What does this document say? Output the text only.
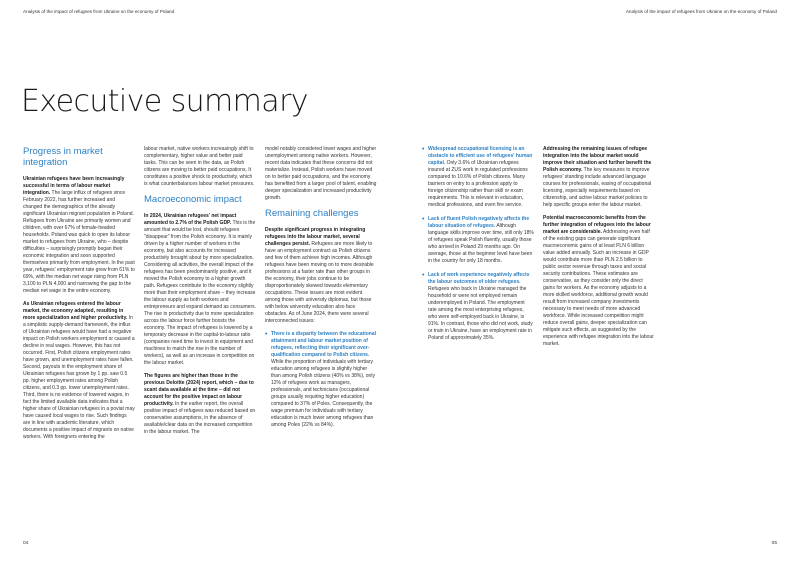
Analysis of the impact of refugees from Ukraine on the economy of Poland	Analysis of the impact of refugees from Ukraine on the economy of Poland
Executive summary
Progress in market integration

Ukrainian refugees have been increasingly successful in terms of labour market integration. The large influx of refugees since February 2022, has further increased and changed the demographics of the already significant Ukrainian migrant population in Poland. Refugees from Ukraine are primarily women and children, with over 67% of female-headed households. Poland was quick to open its labour market to refugees from Ukraine, who – despite difficulties – surprisingly promptly began their economic integration and soon supported themselves primarily from employment. In the past year, refugees' employment rate grew from 61% to 69%, with the median net wage rising from PLN 3,100 to PLN 4,000 and narrowing the gap to the median net wage in the entire economy.

As Ukrainian refugees entered the labour market, the economy adapted, resulting in more specialization and higher productivity. In a simplistic supply-demand framework, the influx of Ukrainian refugees would have had a negative impact on Polish workers employment or caused a decline in real wages. However, this has not occurred. First, Polish citizens employment rates have grown, and unemployment rates have fallen. Second, payouts in the employment share of Ukrainian refugees has grown by 1 pp. saw 0.5 pp. higher employment rates among Polish citizens, and 0.3 pp. lower unemployment rates. Third, there is no evidence of lowered wages, in fact the limited available data indicates that a higher share of Ukrainian refugees in a poviat may have caused local wages to rise. Such findings are in line with academic literature, which documents a positive impact of migrants on native workers. With foreigners entering the

labour market, native workers increasingly shift to complementary, higher value and better paid tasks. This can be seen in the data, as Polish citizens are moving to better paid occupations. It constitutes a positive shock to productivity, which is what counterbalances labour market pressures.

Macroeconomic impact

In 2024, Ukrainian refugees' net impact amounted to 2.7% of the Polish GDP. This is the amount that would be lost, should refugees "disappear" from the Polish economy. It is mainly driven by a higher number of workers in the economy, but also accounts for increased productivity brought about by more specialization. Considering all activities, the overall impact of the refugees has been predominantly positive, and it moved the Polish economy to a higher growth path. Refugees contribute to the economy slightly more than their employment share – they increase the labour supply as both workers and entrepreneurs and expand demand as consumers. The rise in productivity due to more specialization across the labour force further boosts the economy. The impact of refugees is lowered by a temporary decrease in the capital-to-labour ratio (companies need time to invest in equipment and machines to match the rise in the number of workers), as well as an increase in competition on the labour market.

The figures are higher than those in the previous Deloitte (2024) report, which – due to scant data available at the time – did not account for the positive impact on labour productivity. In the earlier report, the overall positive impact of refugees was reduced based on conservative assumptions, in the absence of available/clear data on the increased competition in the labour market. The

model notably considered lower wages and higher unemployment among native workers. However, recent data indicates that these concerns did not materialize. Instead, Polish workers have moved on to better paid occupations, and the economy has benefited from a larger pool of talent, enabling deeper specialization and increased productivity growth.

Remaining challenges

Despite significant progress in integrating refugees into the labour market, several challenges persist. Refugees are more likely to have an employment contract as Polish citizens and few of them achieve high incomes. Although refugees have been moving on to more desirable professions at a faster rate than other groups in the economy, their jobs continue to be disproportionately skewed towards elementary occupations. These issues are most evident among those with university diplomas, but those with below university education also face obstacles. As of June 2024, there were several interconnected issues:

• There is a disparity between the educational attainment and labour market position of refugees, reflecting their significant over-qualification compared to Polish citizens. While the proportion of individuals with tertiary education among refugees is slightly higher than among Polish citizens (40% vs 38%), only 12% of refugees work as managers, professionals, and technicians (occupational groups usually requiring higher education) compared to 37% of Poles. Consequently, the wage premium for individuals with tertiary education is much lower among refugees than among Poles (22% vs 84%).
• Widespread occupational licensing is an obstacle to efficient use of refugees' human capital. Only 3.6% of Ukrainian refugees insured at ZUS work in regulated professions compared to 10.6% of Polish citizens. Many barriers on entry to a profession apply to foreign citizenship rather than skill or exam requirements. This is relevant in education, medical professions, and even fire service.
• Lack of fluent Polish negatively affects the labour situation of refugees. Although language skills improve over time, still only 18% of refugees speak Polish fluently, usually those who arrived in Poland 29 months ago. On average, those at the beginner level have been in the country for only 18 months.
• Lack of work experience negatively affects the labour outcomes of older refugees. Refugees who back in Ukraine managed the household or were not employed remain underemployed in Poland. The employment rate among the most enterprising refugees, who were self-employed back in Ukraine, is 91%. In contrast, those who did not work, study or train in Ukraine, have an employment rate in Poland of approximately 35%.

Addressing the remaining issues of refugee integration into the labour market would improve their situation and further benefit the Polish economy. The key measures to improve refugees' standing include advanced language courses for professionals, easing of occupational licensing, especially requirements based on citizenship, and active labour market policies to help specific groups enter the labour market.

Potential macroeconomic benefits from the further integration of refugees into the labour market are considerable. Addressing even half of the existing gaps can generate significant macroeconomic gains of at least PLN 6 billion value added annually. Such an increase in GDP would contribute more than PLN 2.5 billion to public sector revenue through taxes and social security contributions. These estimates are conservative, as they consider only the direct gains for workers. As the economy adjusts to a more skilled workforce, additional growth would result from increased company investments necessary to meet needs of more advanced workforce. While increased competition might reduce overall gains, deeper specialization can mitigate such effects, as suggested by the experience with refugee integration into the labour market.

04	05
